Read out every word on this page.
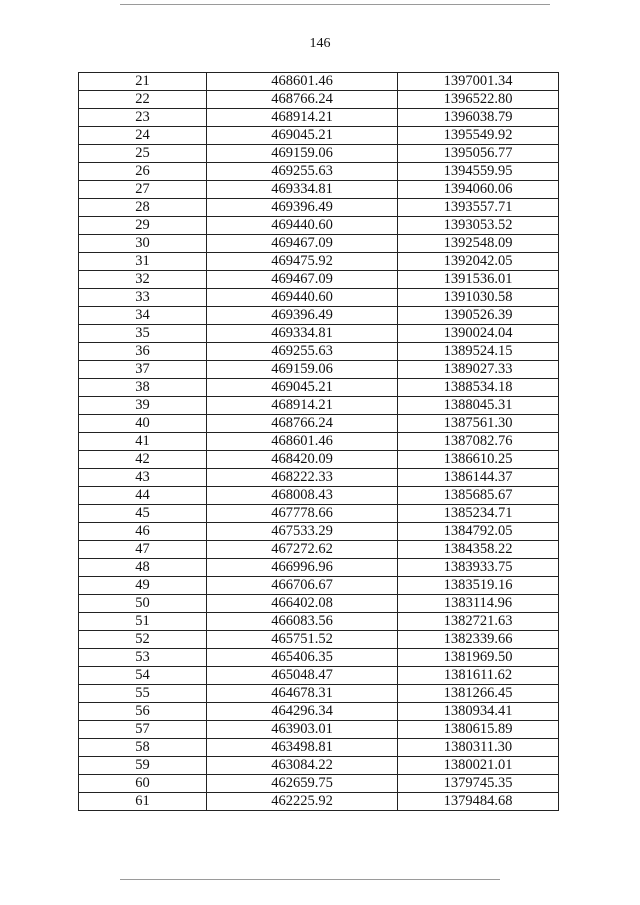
146
21	468601.46	1397001.34
22	468766.24	1396522.80
23	468914.21	1396038.79
24	469045.21	1395549.92
25	469159.06	1395056.77
26	469255.63	1394559.95
27	469334.81	1394060.06
28	469396.49	1393557.71
29	469440.60	1393053.52
30	469467.09	1392548.09
31	469475.92	1392042.05
32	469467.09	1391536.01
33	469440.60	1391030.58
34	469396.49	1390526.39
35	469334.81	1390024.04
36	469255.63	1389524.15
37	469159.06	1389027.33
38	469045.21	1388534.18
39	468914.21	1388045.31
40	468766.24	1387561.30
41	468601.46	1387082.76
42	468420.09	1386610.25
43	468222.33	1386144.37
44	468008.43	1385685.67
45	467778.66	1385234.71
46	467533.29	1384792.05
47	467272.62	1384358.22
48	466996.96	1383933.75
49	466706.67	1383519.16
50	466402.08	1383114.96
51	466083.56	1382721.63
52	465751.52	1382339.66
53	465406.35	1381969.50
54	465048.47	1381611.62
55	464678.31	1381266.45
56	464296.34	1380934.41
57	463903.01	1380615.89
58	463498.81	1380311.30
59	463084.22	1380021.01
60	462659.75	1379745.35
61	462225.92	1379484.68
